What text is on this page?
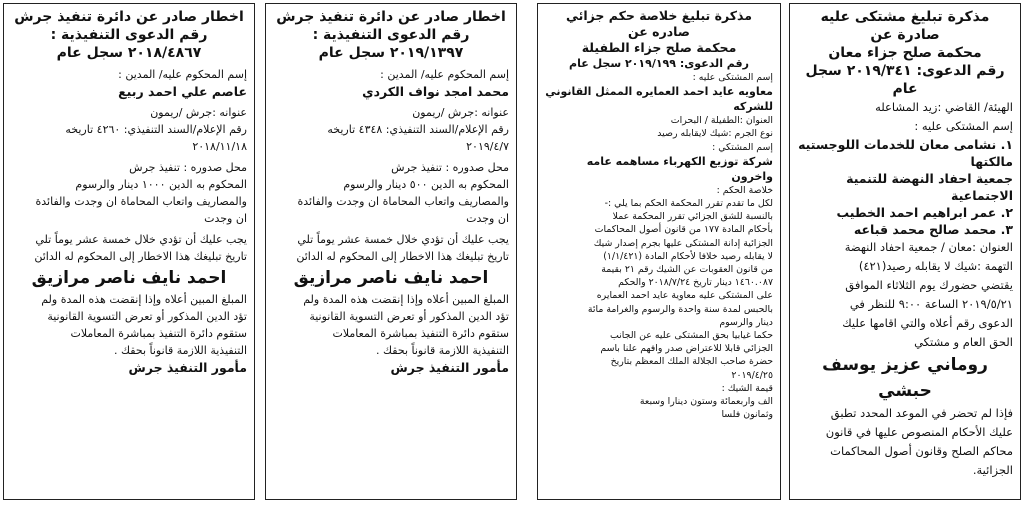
مذكرة تبليغ مشتكى عليه صادرة عن
محكمة صلح جزاء معان
رقم الدعوى: ٢٠١٩/٣٤١ سجل عام
الهيئة/ القاضي :زيد المشاعله
إسم المشتكى عليه :
١. نشامى معان للخدمات اللوجستيه مالكتها
جمعية احفاد النهضة للتنمية الاجتماعية
٢. عمر ابراهيم احمد الخطيب
٣. محمد صالح محمد قباعه
العنوان :معان / جمعية احفاد النهضة
التهمة :شيك لا يقابله رصيد(٤٢١)
يقتضي حضورك يوم الثلاثاء الموافق
٢٠١٩/٥/٢١ الساعة ٩:٠٠ للنظر في
الدعوى رقم أعلاه والتي اقامها عليك
الحق العام و مشتكي
روماني عزيز يوسف حبشي
فإذا لم تحضر في الموعد المحدد تطبق
عليك الأحكام المنصوص عليها في قانون
محاكم الصلح وقانون أصول المحاكمات
الجزائية.
مذكرة تبليغ خلاصة حكم جزائي صادره عن
محكمة صلح جزاء الطفيلة
رقم الدعوى: ٢٠١٩/١٩٩ سجل عام
إسم المشتكى عليه :
معاويه عايد احمد العمايره الممثل القانوني
للشركه
العنوان :الطفيلة / البحرات
نوع الجرم :شيك لايقابله رصيد
إسم المشتكي :
شركة توزيع الكهرباء مساهمه عامه واخرون
خلاصة الحكم :
لكل ما تقدم تقرر المحكمة الحكم بما يلي :-
بالنسبة للشق الجزائي تقرر المحكمة عملا
بأحكام المادة ١٧٧ من قانون أصول المحاكمات
الجزائية إدانة المشتكى عليها بجرم إصدار شيك
لا يقابله رصيد خلافا لأحكام المادة (١/١/٤٢١)
من قانون العقوبات عن الشيك رقم ٢١ بقيمة
١٤٦٠.٠٨٧ دينار تاريخ ٢٠١٨/٧/٢٤ والحكم
على المشتكى عليه معاوية عايد احمد العمايره
بالحبس لمدة سنة واحدة والرسوم والغرامة مائة
دينار والرسوم
حكما غيابيا بحق المشتكى عليه عن الجانب
الجزائي قابلا للاعتراض صدر وافهم علنا باسم
حضرة صاحب الجلالة الملك المعظم بتاريخ
٢٠١٩/٤/٢٥
قيمة الشيك :
الف واربعمائة وستون دينارا وسبعة
وثمانون فلسا
اخطار صادر عن دائرة تنفيذ جرش
رقم الدعوى التنفيذية :
٢٠١٩/١٣٩٧ سجل عام
إسم المحكوم عليه/ المدين :
محمد امجد نواف الكردي
عنوانه :جرش /ريمون
رقم الإعلام/السند التنفيذي: ٤٣٤٨ تاريخه
٢٠١٩/٤/٧
محل صدوره : تنفيذ جرش
المحكوم به الدين ٥٠٠ دينار والرسوم
والمصاريف واتعاب المحاماة ان وجدت والفائدة
ان وجدت
يجب عليك أن تؤدي خلال خمسة عشر يوماً تلي
تاريخ تبليغك هذا الاخطار إلى المحكوم له الدائن
احمد نايف ناصر مرازيق
المبلغ المبين أعلاه وإذا إنقضت هذه المدة ولم
تؤد الدين المذكور أو تعرض التسوية القانونية
ستقوم دائرة التنفيذ بمباشرة المعاملات
التنفيذية اللازمة قانوناً بحقك .
مأمور التنفيذ جرش
اخطار صادر عن دائرة تنفيذ جرش
رقم الدعوى التنفيذية :
٢٠١٨/٤٨٦٧ سجل عام
إسم المحكوم عليه/ المدين :
عاصم علي احمد ربيع
عنوانه :جرش /ريمون
رقم الإعلام/السند التنفيذي: ٤٢٦٠ تاريخه
٢٠١٨/١١/١٨
محل صدوره : تنفيذ جرش
المحكوم به الدين ١٠٠٠ دينار والرسوم
والمصاريف واتعاب المحاماة ان وجدت والفائدة
ان وجدت
يجب عليك أن تؤدي خلال خمسة عشر يوماً تلي
تاريخ تبليغك هذا الاخطار إلى المحكوم له الدائن
احمد نايف ناصر مرازيق
المبلغ المبين أعلاه وإذا إنقضت هذه المدة ولم
تؤد الدين المذكور أو تعرض التسوية القانونية
ستقوم دائرة التنفيذ بمباشرة المعاملات
التنفيذية اللازمة قانوناً بحقك .
مأمور التنفيذ جرش
